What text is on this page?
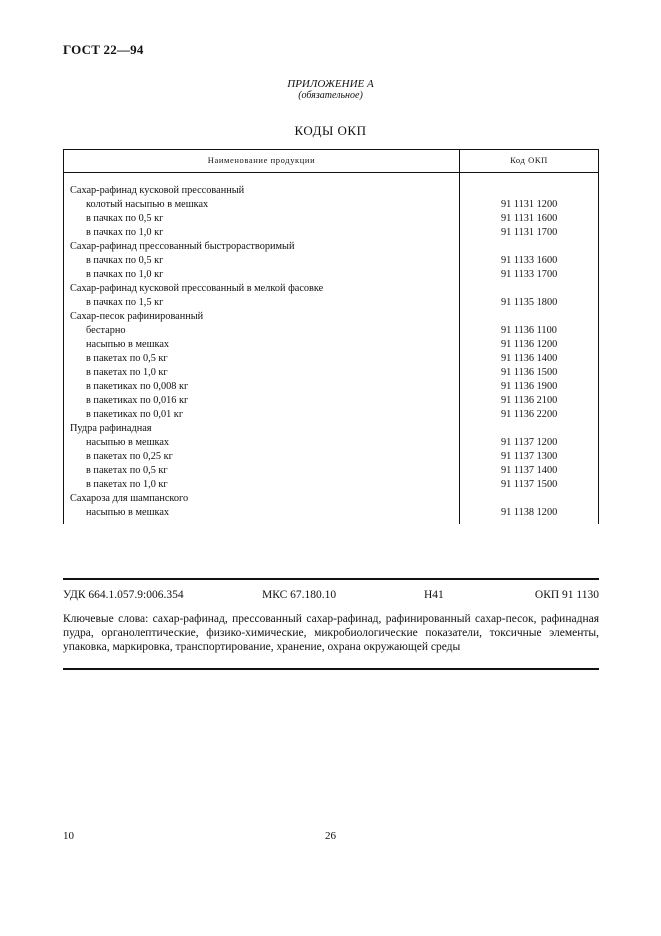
ГОСТ 22—94
ПРИЛОЖЕНИЕ А
(обязательное)
КОДЫ ОКП
Наименование продукции	Код ОКП
Сахар-рафинад кусковой прессованный
колотый насыпью в мешках	91 1131 1200
в пачках по 0,5 кг	91 1131 1600
в пачках по 1,0 кг	91 1131 1700
Сахар-рафинад прессованный быстрорастворимый
в пачках по 0,5 кг	91 1133 1600
в пачках по 1,0 кг	91 1133 1700
Сахар-рафинад кусковой прессованный в мелкой фасовке
в пачках по 1,5 кг	91 1135 1800
Сахар-песок рафинированный
бестарно	91 1136 1100
насыпью в мешках	91 1136 1200
в пакетах по 0,5 кг	91 1136 1400
в пакетах по 1,0 кг	91 1136 1500
в пакетиках по 0,008 кг	91 1136 1900
в пакетиках по 0,016 кг	91 1136 2100
в пакетиках по 0,01 кг	91 1136 2200
Пудра рафинадная
насыпью в мешках	91 1137 1200
в пакетах по 0,25 кг	91 1137 1300
в пакетах по 0,5 кг	91 1137 1400
в пакетах по 1,0 кг	91 1137 1500
Сахароза для шампанского
насыпью в мешках	91 1138 1200
УДК 664.1.057.9:006.354	МКС 67.180.10	Н41	ОКП 91 1130
Ключевые слова: сахар-рафинад, прессованный сахар-рафинад, рафинированный сахар-песок, рафинадная пудра, органолептические, физико-химические, микробиологические показатели, токсичные элементы, упаковка, маркировка, транспортирование, хранение, охрана окружающей среды
10	26
